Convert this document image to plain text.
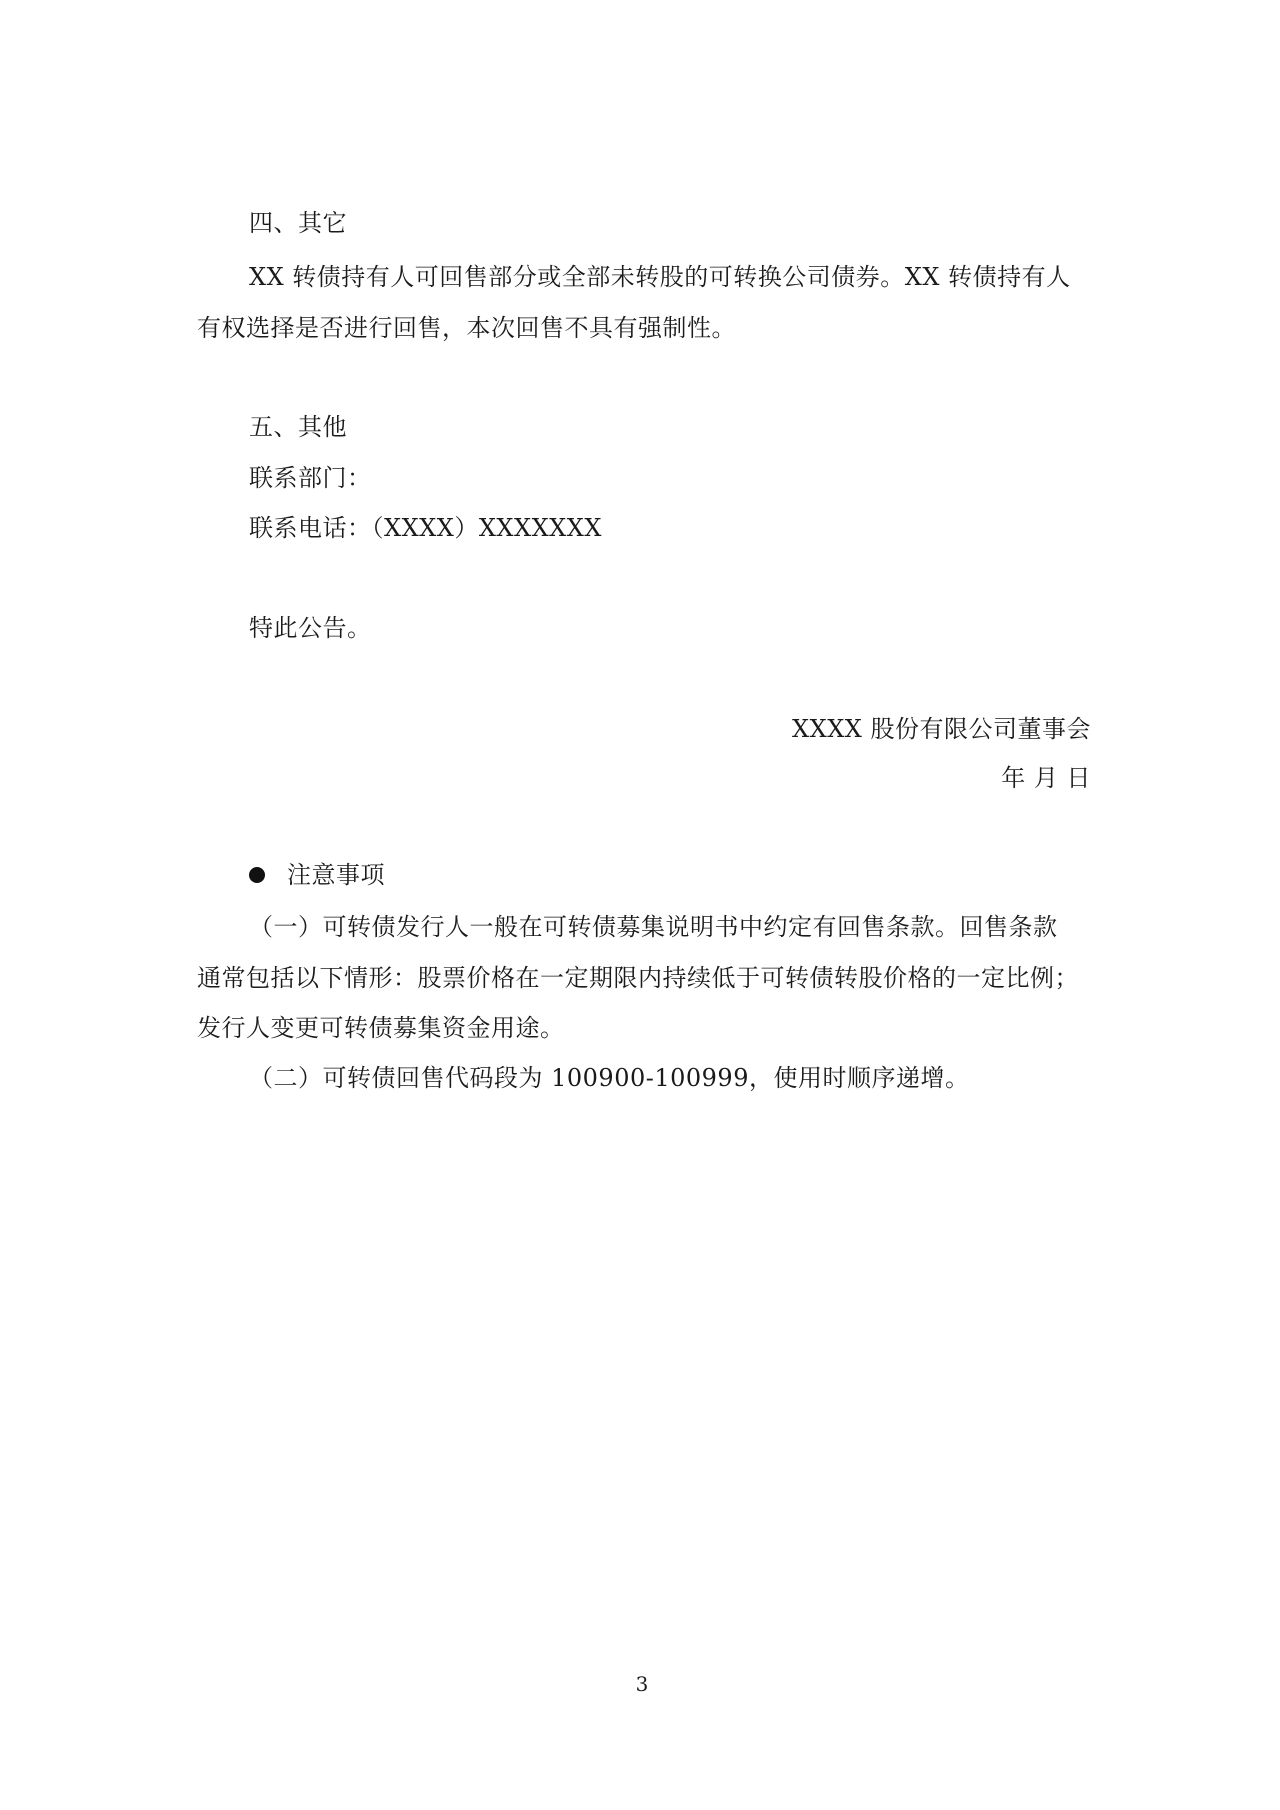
四、其它
XX 转债持有人可回售部分或全部未转股的可转换公司债券。XX 转债持有人
有权选择是否进行回售，本次回售不具有强制性。
五、其他
联系部门：
联系电话：（XXXX）XXXXXXX
特此公告。
XXXX 股份有限公司董事会
年 月 日
注意事项
（一）可转债发行人一般在可转债募集说明书中约定有回售条款。回售条款
通常包括以下情形：股票价格在一定期限内持续低于可转债转股价格的一定比例；
发行人变更可转债募集资金用途。
（二）可转债回售代码段为 100900-100999，使用时顺序递增。
3
